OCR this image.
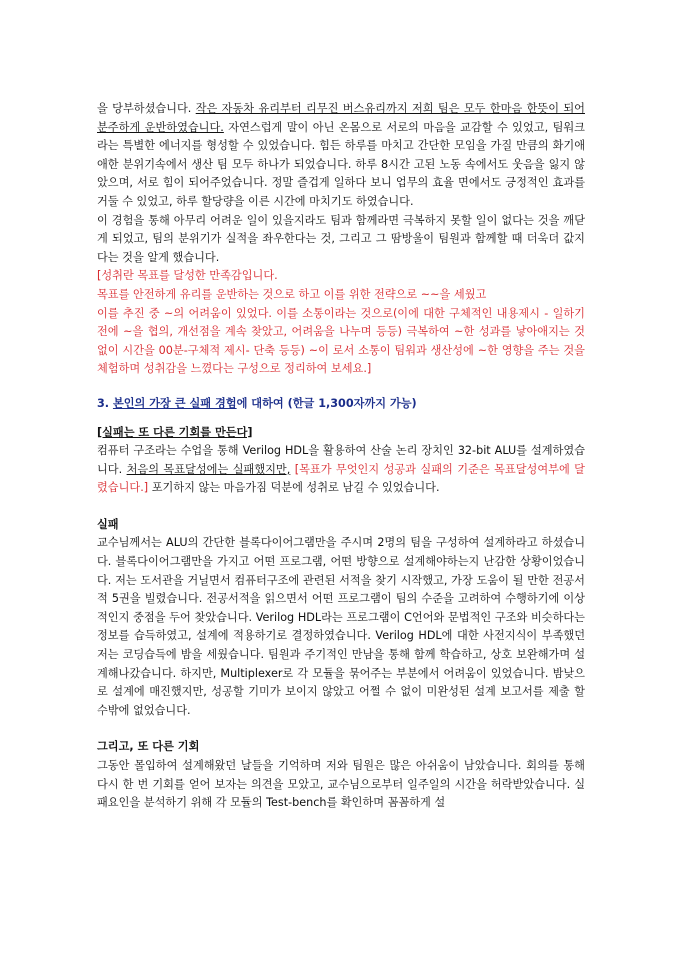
을 당부하셨습니다. 작은 자동차 유리부터 리무진 버스유리까지 저희 팀은 모두 한마음 한뜻이 되어 분주하게 운반하였습니다. 자연스럽게 말이 아닌 온몸으로 서로의 마음을 교감할 수 있었고, 팀워크라는 특별한 에너지를 형성할 수 있었습니다. 힘든 하루를 마치고 간단한 모임을 가질 만큼의 화기애애한 분위기속에서 생산 팀 모두 하나가 되었습니다. 하루 8시간 고된 노동 속에서도 웃음을 잃지 않았으며, 서로 힘이 되어주었습니다. 정말 즐겁게 일하다 보니 업무의 효율 면에서도 긍정적인 효과를 거둘 수 있었고, 하루 할당량을 이른 시간에 마치기도 하였습니다.

이 경험을 통해 아무리 어려운 일이 있을지라도 팀과 함께라면 극복하지 못할 일이 없다는 것을 깨닫게 되었고, 팀의 분위기가 실적을 좌우한다는 것, 그리고 그 땀방울이 팀원과 함께할 때 더욱더 값지다는 것을 알게 했습니다.

[성취란 목표를 달성한 만족감입니다.

목표를 안전하게 유리를 운반하는 것으로 하고 이를 위한 전략으로 ~~을 세웠고

이를 추진 중 ~의 어려움이 있었다. 이를 소통이라는 것으로(이에 대한 구체적인 내용제시 - 일하기 전에 ~을 협의, 개선점을 계속 찾았고, 어려움을 나누며 등등) 극복하여 ~한 성과를 낳아애지는 것 없이 시간을 00분-구체적 제시- 단축 등등) ~이 로서 소통이 팀워과 생산성에 ~한 영향을 주는 것을 체험하며 성취감을 느꼈다는 구성으로 정리하여 보세요.]

3. 본인의 가장 큰 실패 경험에 대하여 (한글 1,300자까지 가능)

[실패는 또 다른 기회를 만든다]

컴퓨터 구조라는 수업을 통해 Verilog HDL을 활용하여 산술 논리 장치인 32-bit ALU를 설계하였습니다. 처음의 목표달성에는 실패했지만, [목표가 무엇인지 성공과 실패의 기준은 목표달성여부에 달렸습니다.] 포기하지 않는 마음가짐 덕분에 성취로 남길 수 있었습니다.

실패

교수님께서는 ALU의 간단한 블록다이어그램만을 주시며 2명의 팀을 구성하여 설계하라고 하셨습니다. 블록다이어그램만을 가지고 어떤 프로그램, 어떤 방향으로 설계해야하는지 난감한 상황이었습니다. 저는 도서관을 거닐면서 컴퓨터구조에 관련된 서적을 찾기 시작했고, 가장 도움이 될 만한 전공서적 5권을 빌렸습니다. 전공서적을 읽으면서 어떤 프로그램이 팀의 수준을 고려하여 수행하기에 이상적인지 중점을 두어 찾았습니다. Verilog HDL라는 프로그램이 C언어와 문법적인 구조와 비슷하다는 정보를 습득하였고, 설계에 적용하기로 결정하였습니다. Verilog HDL에 대한 사전지식이 부족했던 저는 코딩습득에 밤을 세웠습니다. 팀원과 주기적인 만남을 통해 함께 학습하고, 상호 보완해가며 설계해나갔습니다. 하지만, Multiplexer로 각 모듈을 묶어주는 부분에서 어려움이 있었습니다. 밤낮으로 설계에 매진했지만, 성공할 기미가 보이지 않았고 어쩔 수 없이 미완성된 설계 보고서를 제출 할 수밖에 없었습니다.

그리고, 또 다른 기회

그동안 몰입하여 설계해왔던 날들을 기억하며 저와 팀원은 많은 아쉬움이 남았습니다. 회의를 통해 다시 한 번 기회를 얻어 보자는 의견을 모았고, 교수님으로부터 일주일의 시간을 허락받았습니다. 실패요인을 분석하기 위해 각 모듈의 Test-bench를 확인하며 꼼꼼하게 설
